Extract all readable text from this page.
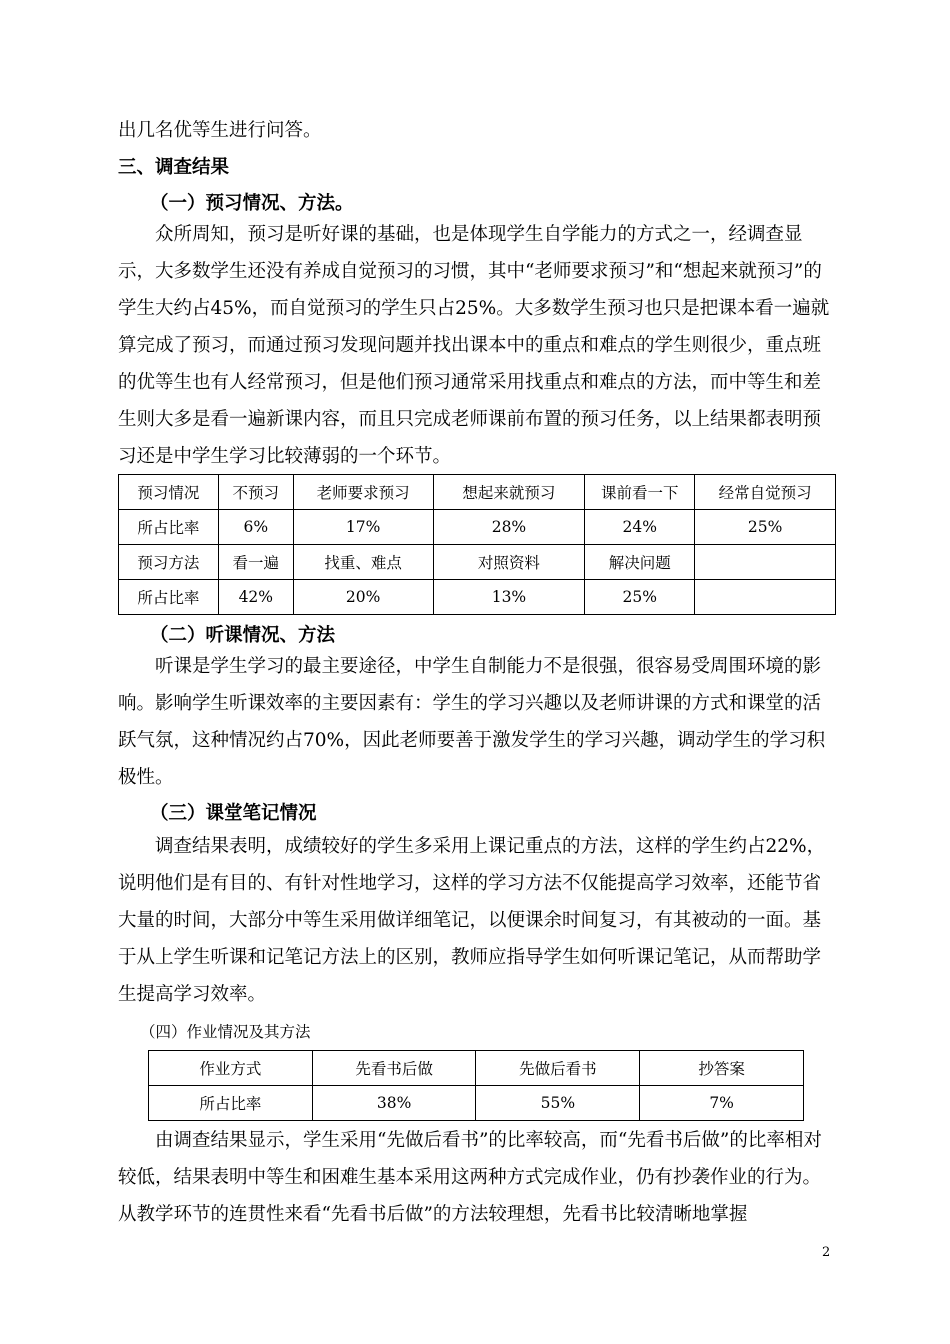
出几名优等生进行问答。

三、调查结果

（一）预习情况、方法。

众所周知，预习是听好课的基础，也是体现学生自学能力的方式之一，经调查显示，大多数学生还没有养成自觉预习的习惯，其中“老师要求预习”和“想起来就预习”的学生大约占45%，而自觉预习的学生只占25%。大多数学生预习也只是把课本看一遍就算完成了预习，而通过预习发现问题并找出课本中的重点和难点的学生则很少，重点班的优等生也有人经常预习，但是他们预习通常采用找重点和难点的方法，而中等生和差生则大多是看一遍新课内容，而且只完成老师课前布置的预习任务，以上结果都表明预习还是中学生学习比较薄弱的一个环节。

预习情况	不预习	老师要求预习	想起来就预习	课前看一下	经常自觉预习
所占比率	6%	17%	28%	24%	25%
预习方法	看一遍	找重、难点	对照资料	解决问题	
所占比率	42%	20%	13%	25%	

（二）听课情况、方法

听课是学生学习的最主要途径，中学生自制能力不是很强，很容易受周围环境的影响。影响学生听课效率的主要因素有：学生的学习兴趣以及老师讲课的方式和课堂的活跃气氛，这种情况约占70%，因此老师要善于激发学生的学习兴趣，调动学生的学习积极性。

（三）课堂笔记情况

调查结果表明，成绩较好的学生多采用上课记重点的方法，这样的学生约占22%，说明他们是有目的、有针对性地学习，这样的学习方法不仅能提高学习效率，还能节省大量的时间，大部分中等生采用做详细笔记，以便课余时间复习，有其被动的一面。基于从上学生听课和记笔记方法上的区别，教师应指导学生如何听课记笔记，从而帮助学生提高学习效率。

（四）作业情况及其方法

作业方式	先看书后做	先做后看书	抄答案
所占比率	38%	55%	7%

由调查结果显示，学生采用“先做后看书”的比率较高，而“先看书后做”的比率相对较低，结果表明中等生和困难生基本采用这两种方式完成作业，仍有抄袭作业的行为。从教学环节的连贯性来看“先看书后做”的方法较理想，先看书比较清晰地掌握

2
